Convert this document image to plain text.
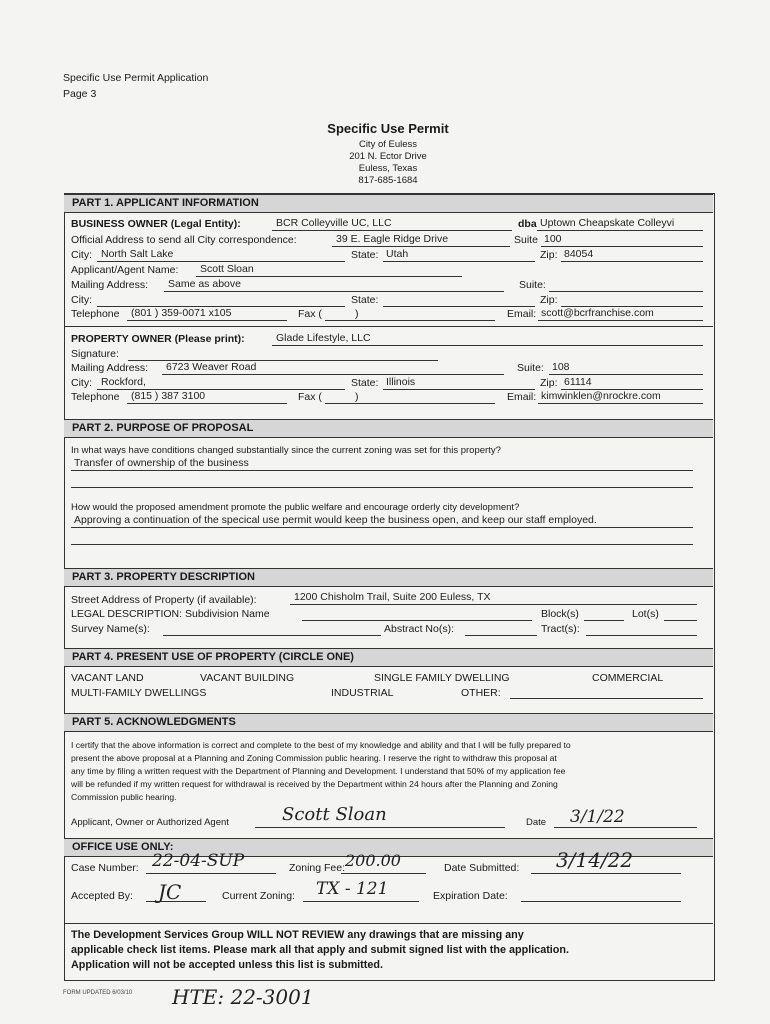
Specific Use Permit Application
Page 3
Specific Use Permit
City of Euless
201 N. Ector Drive
Euless, Texas
817-685-1684
PART 1. APPLICANT INFORMATION
BUSINESS OWNER (Legal Entity):	BCR Colleyville UC, LLC	dba Uptown Cheapskate Colleyvi
Official Address to send all City correspondence:	39 E. Eagle Ridge Drive	Suite 100
City: North Salt Lake	State: Utah	Zip: 84054
Applicant/Agent Name: Scott Sloan
Mailing Address: Same as above	Suite:
City:	State:	Zip:
Telephone (801 ) 359-0071 x105	Fax (	)	Email: scott@bcrfranchise.com
PROPERTY OWNER (Please print):	Glade Lifestyle, LLC
Signature:
Mailing Address: 6723 Weaver Road	Suite: 108
City: Rockford,	State: Illinois	Zip: 61114
Telephone (815 ) 387 3100	Fax (	)	Email: kimwinklen@nrockre.com
PART 2. PURPOSE OF PROPOSAL
In what ways have conditions changed substantially since the current zoning was set for this property?
Transfer of ownership of the business
How would the proposed amendment promote the public welfare and encourage orderly city development?
Approving a continuation of the specical use permit would keep the business open, and keep our staff employed.
PART 3. PROPERTY DESCRIPTION
Street Address of Property (if available):	1200 Chisholm Trail, Suite 200 Euless, TX
LEGAL DESCRIPTION: Subdivision Name	Block(s)	Lot(s)
Survey Name(s):	Abstract No(s):	Tract(s):
PART 4. PRESENT USE OF PROPERTY (CIRCLE ONE)
VACANT LAND	VACANT BUILDING	SINGLE FAMILY DWELLING	COMMERCIAL
MULTI-FAMILY DWELLINGS	INDUSTRIAL	OTHER:
PART 5. ACKNOWLEDGMENTS
I certify that the above information is correct and complete to the best of my knowledge and ability and that I will be fully prepared to
present the above proposal at a Planning and Zoning Commission public hearing. I reserve the right to withdraw this proposal at
any time by filing a written request with the Department of Planning and Development. I understand that 50% of my application fee
will be refunded if my written request for withdrawal is received by the Department within 24 hours after the Planning and Zoning
Commission public hearing.
Applicant, Owner or Authorized Agent	Scott Sloan	Date 3/1/22
OFFICE USE ONLY:
Case Number: 22-04-SUP	Zoning Fee: 200.00	Date Submitted: 3/14/22
Accepted By: JC	Current Zoning: TX - 121	Expiration Date:
The Development Services Group WILL NOT REVIEW any drawings that are missing any
applicable check list items. Please mark all that apply and submit signed list with the application.
Application will not be accepted unless this list is submitted.
FORM UPDATED 6/03/10 HTE: 22-3001
